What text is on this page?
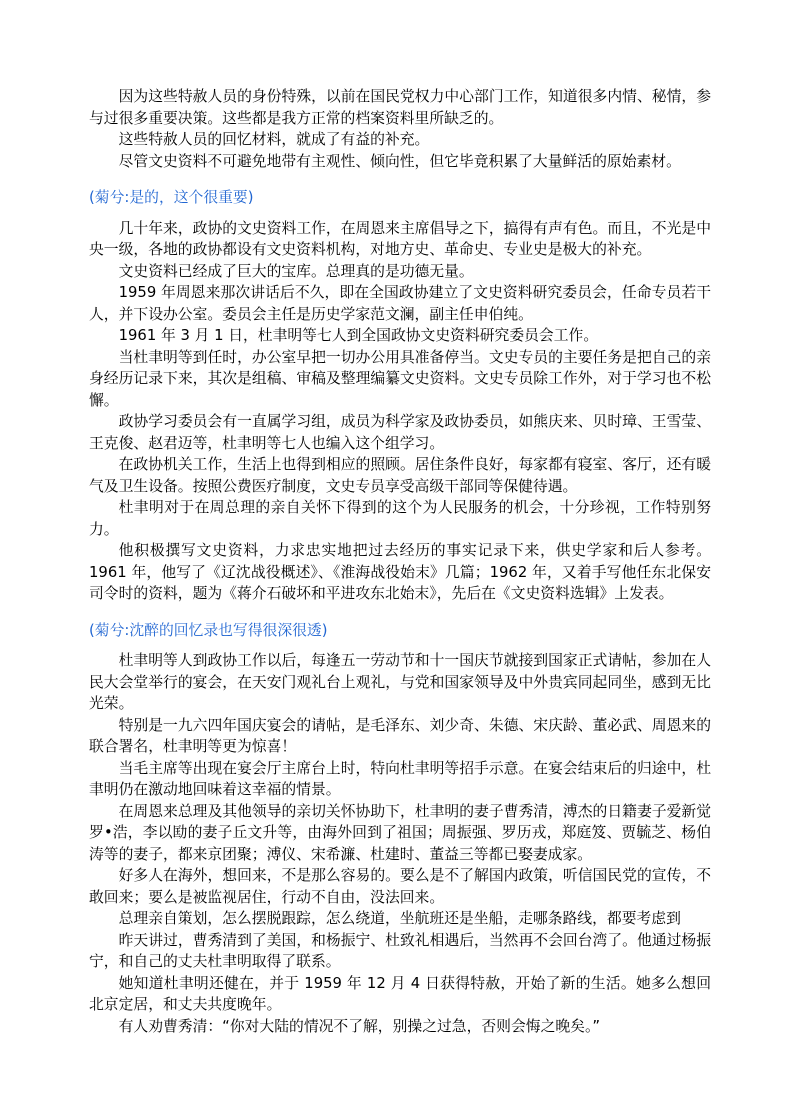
因为这些特赦人员的身份特殊，以前在国民党权力中心部门工作，知道很多内情、秘情，参与过很多重要决策。这些都是我方正常的档案资料里所缺乏的。

这些特赦人员的回忆材料，就成了有益的补充。

尽管文史资料不可避免地带有主观性、倾向性，但它毕竟积累了大量鲜活的原始素材。

(菊兮:是的，这个很重要)

几十年来，政协的文史资料工作，在周恩来主席倡导之下，搞得有声有色。而且，不光是中央一级，各地的政协都设有文史资料机构，对地方史、革命史、专业史是极大的补充。

文史资料已经成了巨大的宝库。总理真的是功德无量。

1959 年周恩来那次讲话后不久，即在全国政协建立了文史资料研究委员会，任命专员若干人，并下设办公室。委员会主任是历史学家范文澜，副主任申伯纯。

1961 年 3 月 1 日，杜聿明等七人到全国政协文史资料研究委员会工作。

当杜聿明等到任时，办公室早把一切办公用具准备停当。文史专员的主要任务是把自己的亲身经历记录下来，其次是组稿、审稿及整理编纂文史资料。文史专员除工作外，对于学习也不松懈。

政协学习委员会有一直属学习组，成员为科学家及政协委员，如熊庆来、贝时璋、王雪莹、王克俊、赵君迈等，杜聿明等七人也编入这个组学习。

在政协机关工作，生活上也得到相应的照顾。居住条件良好，每家都有寝室、客厅，还有暖气及卫生设备。按照公费医疗制度，文史专员享受高级干部同等保健待遇。

杜聿明对于在周总理的亲自关怀下得到的这个为人民服务的机会，十分珍视，工作特别努力。

他积极撰写文史资料，力求忠实地把过去经历的事实记录下来，供史学家和后人参考。1961 年，他写了《辽沈战役概述》、《淮海战役始末》几篇；1962 年，又着手写他任东北保安司令时的资料，题为《蒋介石破坏和平进攻东北始末》，先后在《文史资料选辑》上发表。

(菊兮:沈醉的回忆录也写得很深很透)

杜聿明等人到政协工作以后，每逢五一劳动节和十一国庆节就接到国家正式请帖，参加在人民大会堂举行的宴会，在天安门观礼台上观礼，与党和国家领导及中外贵宾同起同坐，感到无比光荣。

特别是一九六四年国庆宴会的请帖，是毛泽东、刘少奇、朱德、宋庆龄、董必武、周恩来的联合署名，杜聿明等更为惊喜！

当毛主席等出现在宴会厅主席台上时，特向杜聿明等招手示意。在宴会结束后的归途中，杜聿明仍在激动地回味着这幸福的情景。

在周恩来总理及其他领导的亲切关怀协助下，杜聿明的妻子曹秀清，溥杰的日籍妻子爱新觉罗•浩，李以劻的妻子丘文升等，由海外回到了祖国；周振强、罗历戎，郑庭笈、贾毓芝、杨伯涛等的妻子，都来京团聚；溥仪、宋希濂、杜建时、董益三等都已娶妻成家。

好多人在海外，想回来，不是那么容易的。要么是不了解国内政策，听信国民党的宣传，不敢回来；要么是被监视居住，行动不自由，没法回来。

总理亲自策划，怎么摆脱跟踪，怎么绕道，坐航班还是坐船，走哪条路线，都要考虑到

昨天讲过，曹秀清到了美国，和杨振宁、杜致礼相遇后，当然再不会回台湾了。他通过杨振宁，和自己的丈夫杜聿明取得了联系。

她知道杜聿明还健在，并于 1959 年 12 月 4 日获得特赦，开始了新的生活。她多么想回北京定居，和丈夫共度晚年。

有人劝曹秀清：“你对大陆的情况不了解，别操之过急，否则会悔之晚矣。”
